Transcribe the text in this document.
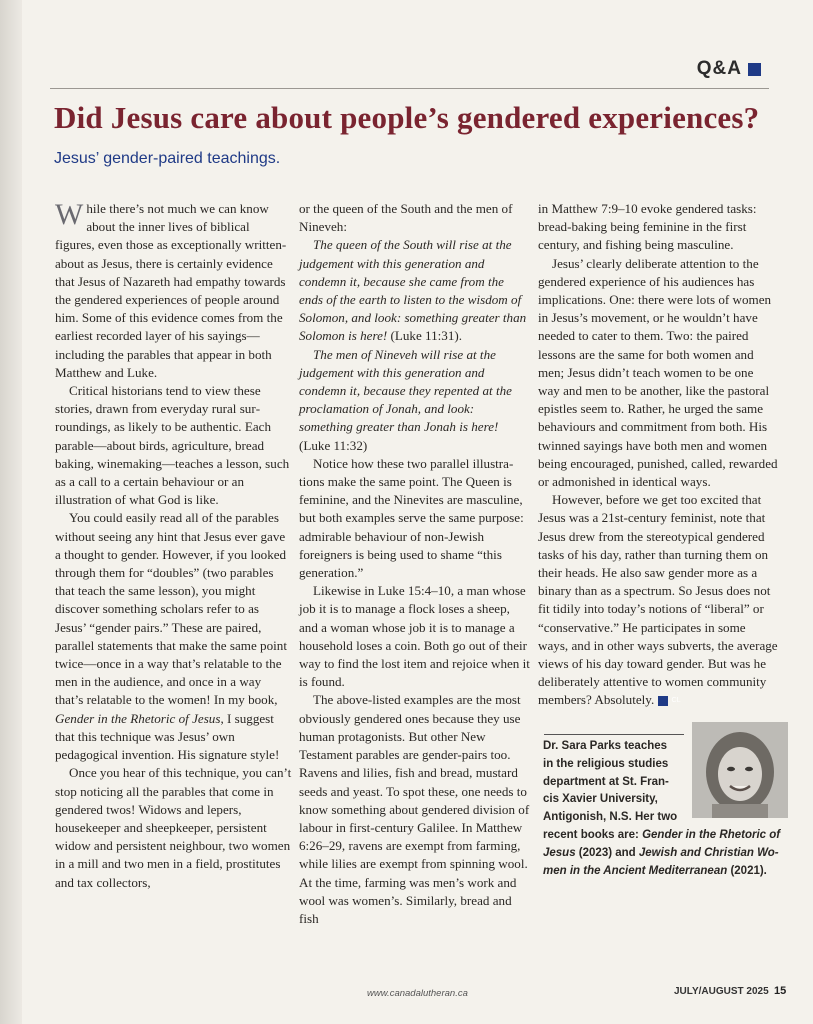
Q&A
Did Jesus care about people’s gendered experiences?
Jesus’ gender-paired teachings.

While there’s not much we can know about the inner lives of biblical figures, even those as exceptionally written-about as Jesus, there is certainly evidence that Jesus of Nazareth had empathy towards the gendered experiences of people around him. Some of this evidence comes from the earliest recorded layer of his sayings—including the parables that appear in both Matthew and Luke.

Critical historians tend to view these stories, drawn from everyday rural surroundings, as likely to be authentic. Each parable—about birds, agriculture, bread baking, winemaking—teaches a lesson, such as a call to a certain behaviour or an illustration of what God is like.

You could easily read all of the parables without seeing any hint that Jesus ever gave a thought to gender. However, if you looked through them for “doubles” (two parables that teach the same lesson), you might discover something scholars refer to as Jesus’ “gender pairs.” These are paired, parallel statements that make the same point twice—once in a way that’s relatable to the men in the audience, and once in a way that’s relatable to the women! In my book, Gender in the Rhetoric of Jesus, I suggest that this technique was Jesus’ own pedagogical invention. His signature style!

Once you hear of this technique, you can’t stop noticing all the parables that come in gendered twos! Widows and lepers, housekeeper and sheepkeeper, persistent widow and persistent neighbour, two women in a mill and two men in a field, prostitutes and tax collectors,

or the queen of the South and the men of Nineveh:

The queen of the South will rise at the judgement with this generation and condemn it, because she came from the ends of the earth to listen to the wisdom of Solomon, and look: something greater than Solomon is here! (Luke 11:31).

The men of Nineveh will rise at the judgement with this generation and condemn it, because they repented at the proclamation of Jonah, and look: something greater than Jonah is here! (Luke 11:32)

Notice how these two parallel illustrations make the same point. The Queen is feminine, and the Ninevites are masculine, but both examples serve the same purpose: admirable behaviour of non-Jewish foreigners is being used to shame “this generation.”

Likewise in Luke 15:4–10, a man whose job it is to manage a flock loses a sheep, and a woman whose job it is to manage a household loses a coin. Both go out of their way to find the lost item and rejoice when it is found.

The above-listed examples are the most obviously gendered ones because they use human protagonists. But other New Testament parables are gender-pairs too. Ravens and lilies, fish and bread, mustard seeds and yeast. To spot these, one needs to know something about gendered division of labour in first-century Galilee. In Matthew 6:26–29, ravens are exempt from farming, while lilies are exempt from spinning wool. At the time, farming was men’s work and wool was women’s. Similarly, bread and fish

in Matthew 7:9–10 evoke gendered tasks: bread-baking being feminine in the first century, and fishing being masculine.

Jesus’ clearly deliberate attention to the gendered experience of his audiences has implications. One: there were lots of women in Jesus’s movement, or he wouldn’t have needed to cater to them. Two: the paired lessons are the same for both women and men; Jesus didn’t teach women to be one way and men to be another, like the pastoral epistles seem to. Rather, he urged the same behaviours and commitment from both. His twinned sayings have both men and women being encouraged, punished, called, rewarded or admonished in identical ways.

However, before we get too excited that Jesus was a 21st-century feminist, note that Jesus drew from the stereotypical gendered tasks of his day, rather than turning them on their heads. He also saw gender more as a binary than as a spectrum. So Jesus does not fit tidily into today’s notions of “liberal” or “conservative.” He participates in some ways, and in other ways subverts, the average views of his day toward gender. But was he deliberately attentive to women community members? Absolutely. CL

Dr. Sara Parks teaches
in the religious studies
department at St. Fran-
cis Xavier University,
Antigonish, N.S. Her two
recent books are: Gender in the Rhetoric of Jesus (2023) and Jewish and Christian Women in the Ancient Mediterranean (2021).
www.canadalutheran.ca	JULY/AUGUST 2025 15
